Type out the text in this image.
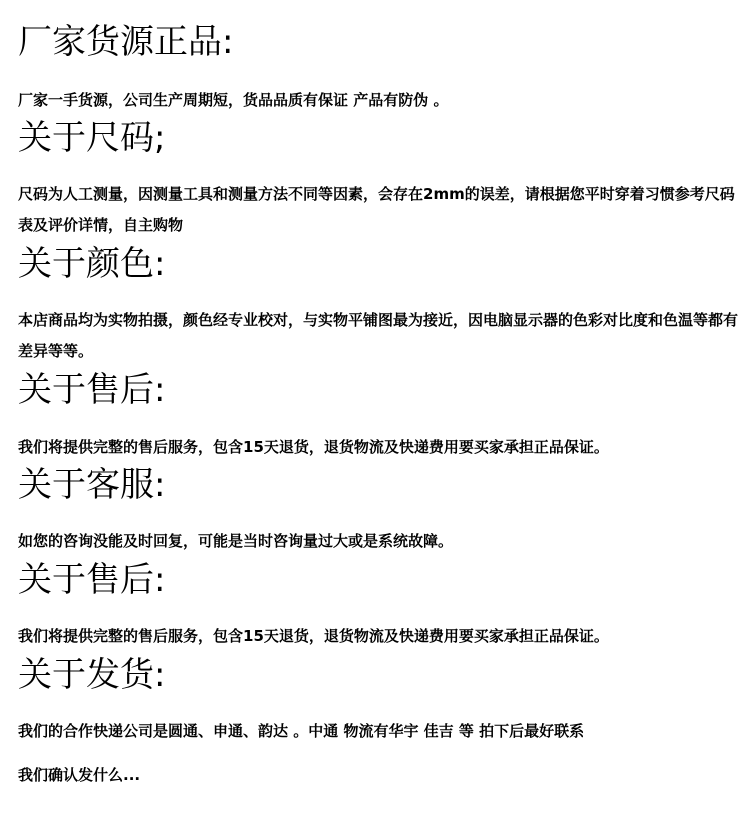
厂家货源正品:

厂家一手货源，公司生产周期短，货品品质有保证 产品有防伪 。

关于尺码;

尺码为人工测量，因测量工具和测量方法不同等因素，会存在2mm的误差，请根据您平时穿着习惯参考尺码表及评价详情，自主购物

关于颜色:

本店商品均为实物拍摄，颜色经专业校对，与实物平铺图最为接近，因电脑显示器的色彩对比度和色温等都有差异等等。

关于售后:

我们将提供完整的售后服务，包含15天退货，退货物流及快递费用要买家承担正品保证。

关于客服:

如您的咨询没能及时回复，可能是当时咨询量过大或是系统故障。

关于售后:

我们将提供完整的售后服务，包含15天退货，退货物流及快递费用要买家承担正品保证。

关于发货:

我们的合作快递公司是圆通、申通、韵达 。中通 物流有华宇 佳吉 等 拍下后最好联系

我们确认发什么...
